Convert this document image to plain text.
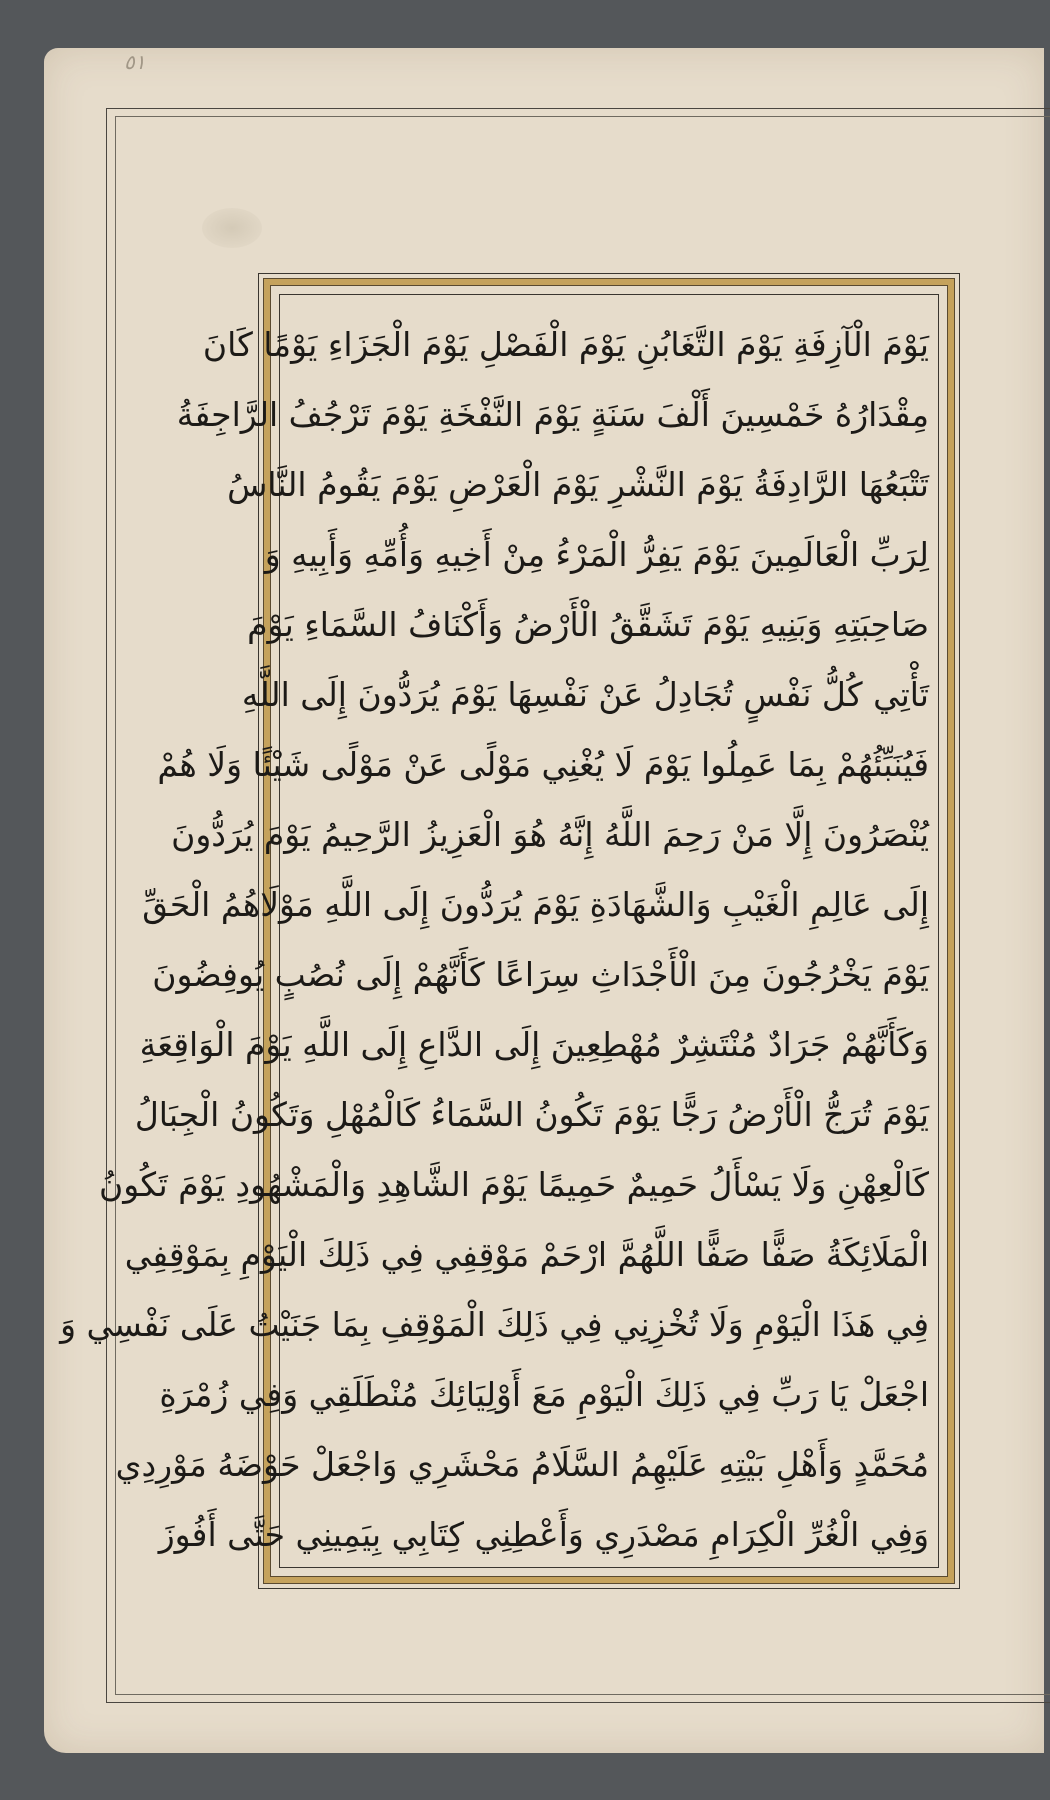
٥١
يَوْمَ الْآزِفَةِ يَوْمَ التَّغَابُنِ يَوْمَ الْفَصْلِ يَوْمَ الْجَزَاءِ يَوْمًا كَانَ
مِقْدَارُهُ خَمْسِينَ أَلْفَ سَنَةٍ يَوْمَ النَّفْخَةِ يَوْمَ تَرْجُفُ الرَّاجِفَةُ
تَتْبَعُهَا الرَّادِفَةُ يَوْمَ النَّشْرِ يَوْمَ الْعَرْضِ يَوْمَ يَقُومُ النَّاسُ
لِرَبِّ الْعَالَمِينَ يَوْمَ يَفِرُّ الْمَرْءُ مِنْ أَخِيهِ وَأُمِّهِ وَأَبِيهِ وَ
صَاحِبَتِهِ وَبَنِيهِ يَوْمَ تَشَقَّقُ الْأَرْضُ وَأَكْنَافُ السَّمَاءِ يَوْمَ
تَأْتِي كُلُّ نَفْسٍ تُجَادِلُ عَنْ نَفْسِهَا يَوْمَ يُرَدُّونَ إِلَى اللَّهِ
فَيُنَبِّئُهُمْ بِمَا عَمِلُوا يَوْمَ لَا يُغْنِي مَوْلًى عَنْ مَوْلًى شَيْئًا وَلَا هُمْ
يُنْصَرُونَ إِلَّا مَنْ رَحِمَ اللَّهُ إِنَّهُ هُوَ الْعَزِيزُ الرَّحِيمُ يَوْمَ يُرَدُّونَ
إِلَى عَالِمِ الْغَيْبِ وَالشَّهَادَةِ يَوْمَ يُرَدُّونَ إِلَى اللَّهِ مَوْلَاهُمُ الْحَقِّ
يَوْمَ يَخْرُجُونَ مِنَ الْأَجْدَاثِ سِرَاعًا كَأَنَّهُمْ إِلَى نُصُبٍ يُوفِضُونَ
وَكَأَنَّهُمْ جَرَادٌ مُنْتَشِرٌ مُهْطِعِينَ إِلَى الدَّاعِ إِلَى اللَّهِ يَوْمَ الْوَاقِعَةِ
يَوْمَ تُرَجُّ الْأَرْضُ رَجًّا يَوْمَ تَكُونُ السَّمَاءُ كَالْمُهْلِ وَتَكُونُ الْجِبَالُ
كَالْعِهْنِ وَلَا يَسْأَلُ حَمِيمٌ حَمِيمًا يَوْمَ الشَّاهِدِ وَالْمَشْهُودِ يَوْمَ تَكُونُ
الْمَلَائِكَةُ صَفًّا صَفًّا اللَّهُمَّ ارْحَمْ مَوْقِفِي فِي ذَلِكَ الْيَوْمِ بِمَوْقِفِي
فِي هَذَا الْيَوْمِ وَلَا تُخْزِنِي فِي ذَلِكَ الْمَوْقِفِ بِمَا جَنَيْتُ عَلَى نَفْسِي وَ
اجْعَلْ يَا رَبِّ فِي ذَلِكَ الْيَوْمِ مَعَ أَوْلِيَائِكَ مُنْطَلَقِي وَفِي زُمْرَةِ
مُحَمَّدٍ وَأَهْلِ بَيْتِهِ عَلَيْهِمُ السَّلَامُ مَحْشَرِي وَاجْعَلْ حَوْضَهُ مَوْرِدِي
وَفِي الْغُرِّ الْكِرَامِ مَصْدَرِي وَأَعْطِنِي كِتَابِي بِيَمِينِي حَتَّى أَفُوزَ
